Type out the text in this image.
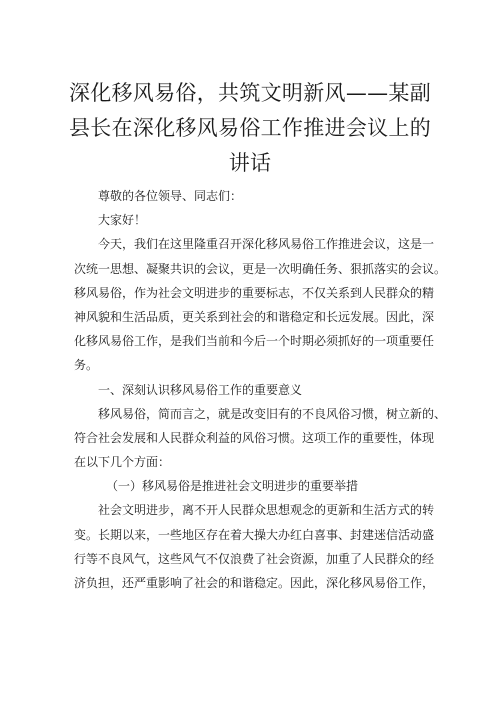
深化移风易俗，共筑文明新风——某副
县长在深化移风易俗工作推进会议上的
讲话
尊敬的各位领导、同志们：
大家好！
今天，我们在这里隆重召开深化移风易俗工作推进会议，这是一
次统一思想、凝聚共识的会议，更是一次明确任务、狠抓落实的会议。
移风易俗，作为社会文明进步的重要标志，不仅关系到人民群众的精
神风貌和生活品质，更关系到社会的和谐稳定和长远发展。因此，深
化移风易俗工作，是我们当前和今后一个时期必须抓好的一项重要任
务。
一、深刻认识移风易俗工作的重要意义
移风易俗，简而言之，就是改变旧有的不良风俗习惯，树立新的、
符合社会发展和人民群众利益的风俗习惯。这项工作的重要性，体现
在以下几个方面：
（一）移风易俗是推进社会文明进步的重要举措
社会文明进步，离不开人民群众思想观念的更新和生活方式的转
变。长期以来，一些地区存在着大操大办红白喜事、封建迷信活动盛
行等不良风气，这些风气不仅浪费了社会资源，加重了人民群众的经
济负担，还严重影响了社会的和谐稳定。因此，深化移风易俗工作，
